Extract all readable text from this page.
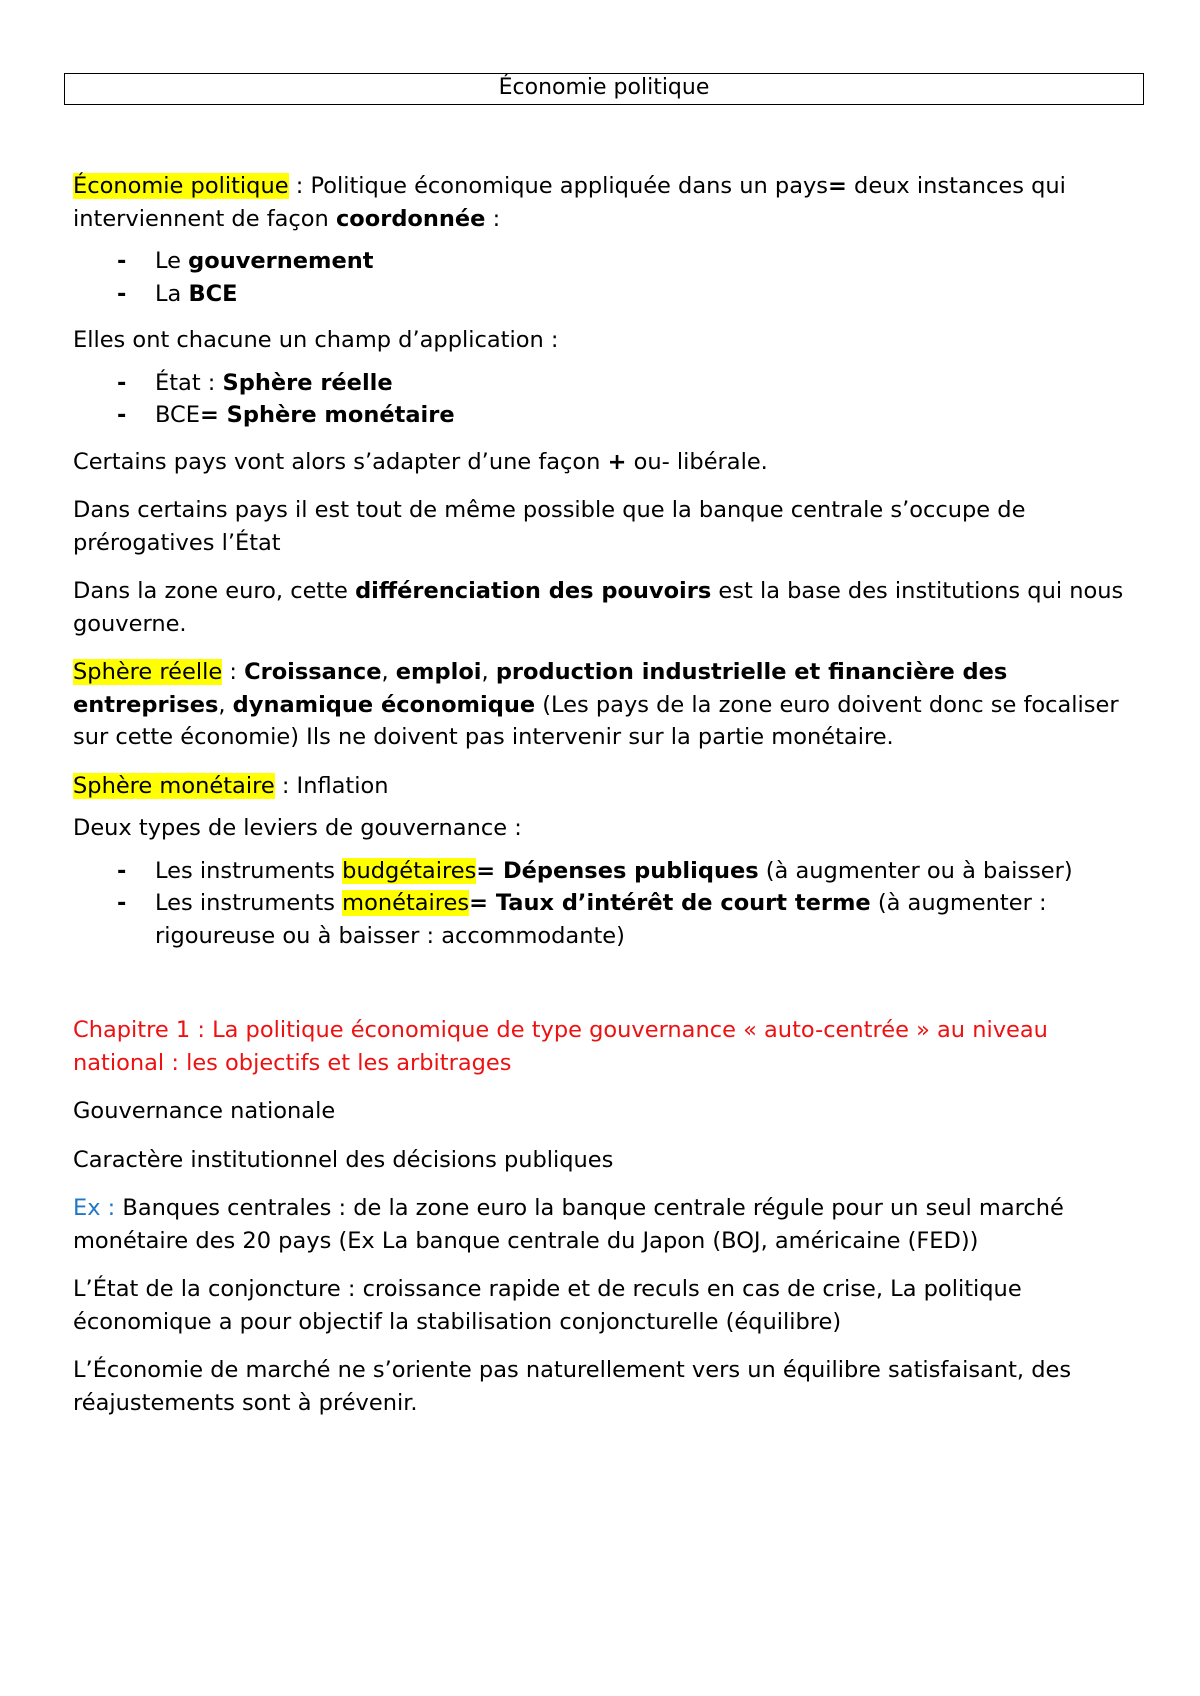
Économie politique

Économie politique : Politique économique appliquée dans un pays= deux instances qui interviennent de façon coordonnée :

- Le gouvernement
- La BCE

Elles ont chacune un champ d’application :

- État : Sphère réelle
- BCE= Sphère monétaire

Certains pays vont alors s’adapter d’une façon + ou- libérale.

Dans certains pays il est tout de même possible que la banque centrale s’occupe de prérogatives l’État

Dans la zone euro, cette différenciation des pouvoirs est la base des institutions qui nous gouverne.

Sphère réelle : Croissance, emploi, production industrielle et financière des entreprises, dynamique économique (Les pays de la zone euro doivent donc se focaliser sur cette économie) Ils ne doivent pas intervenir sur la partie monétaire.

Sphère monétaire : Inflation

Deux types de leviers de gouvernance :

- Les instruments budgétaires= Dépenses publiques (à augmenter ou à baisser)
- Les instruments monétaires= Taux d’intérêt de court terme (à augmenter : rigoureuse ou à baisser : accommodante)

Chapitre 1 : La politique économique de type gouvernance « auto-centrée » au niveau national : les objectifs et les arbitrages

Gouvernance nationale

Caractère institutionnel des décisions publiques

Ex : Banques centrales : de la zone euro la banque centrale régule pour un seul marché monétaire des 20 pays (Ex La banque centrale du Japon (BOJ, américaine (FED))

L’État de la conjoncture : croissance rapide et de reculs en cas de crise, La politique économique a pour objectif la stabilisation conjoncturelle (équilibre)

L’Économie de marché ne s’oriente pas naturellement vers un équilibre satisfaisant, des réajustements sont à prévenir.
